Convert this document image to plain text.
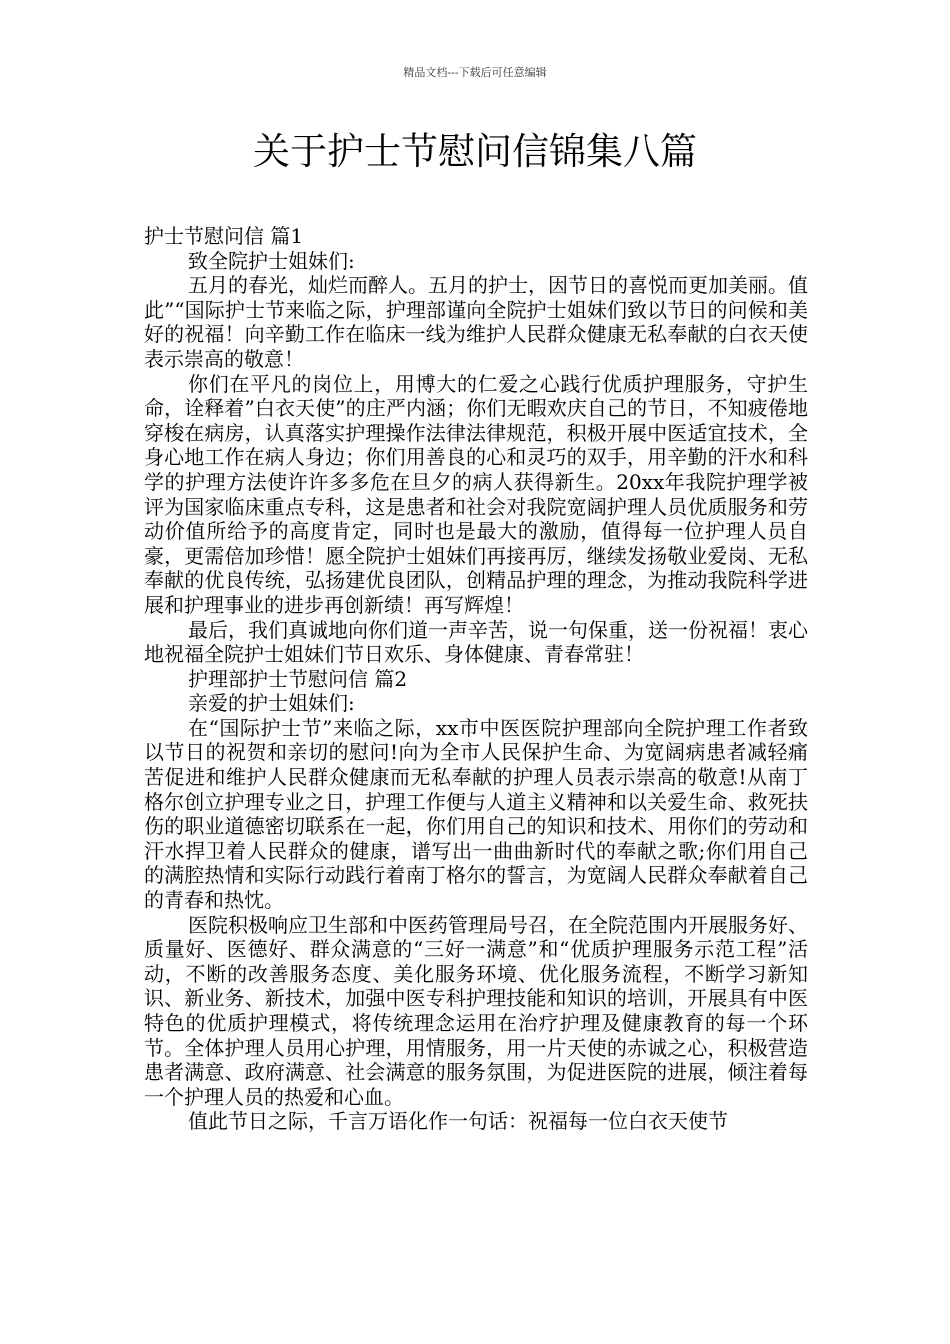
精品文档---下载后可任意编辑
关于护士节慰问信锦集八篇

护士节慰问信 篇1

致全院护士姐妹们:

五月的春光，灿烂而醉人。五月的护士，因节日的喜悦而更加美丽。值此”“国际护士节来临之际，护理部谨向全院护士姐妹们致以节日的问候和美好的祝福！向辛勤工作在临床一线为维护人民群众健康无私奉献的白衣天使表示崇高的敬意！

你们在平凡的岗位上，用博大的仁爱之心践行优质护理服务，守护生命，诠释着”白衣天使”的庄严内涵；你们无暇欢庆自己的节日，不知疲倦地穿梭在病房，认真落实护理操作法律法律规范，积极开展中医适宜技术，全身心地工作在病人身边；你们用善良的心和灵巧的双手，用辛勤的汗水和科学的护理方法使许许多多危在旦夕的病人获得新生。20xx年我院护理学被评为国家临床重点专科，这是患者和社会对我院宽阔护理人员优质服务和劳动价值所给予的高度肯定，同时也是最大的激励，值得每一位护理人员自豪，更需倍加珍惜！愿全院护士姐妹们再接再厉，继续发扬敬业爱岗、无私奉献的优良传统，弘扬建优良团队，创精品护理的理念，为推动我院科学进展和护理事业的进步再创新绩！再写辉煌！

最后，我们真诚地向你们道一声辛苦，说一句保重，送一份祝福！衷心地祝福全院护士姐妹们节日欢乐、身体健康、青春常驻！

护理部护士节慰问信 篇2

亲爱的护士姐妹们:

在“国际护士节”来临之际，xx市中医医院护理部向全院护理工作者致以节日的祝贺和亲切的慰问!向为全市人民保护生命、为宽阔病患者减轻痛苦促进和维护人民群众健康而无私奉献的护理人员表示崇高的敬意!从南丁格尔创立护理专业之日，护理工作便与人道主义精神和以关爱生命、救死扶伤的职业道德密切联系在一起，你们用自己的知识和技术、用你们的劳动和汗水捍卫着人民群众的健康，谱写出一曲曲新时代的奉献之歌;你们用自己的满腔热情和实际行动践行着南丁格尔的誓言，为宽阔人民群众奉献着自己的青春和热忱。

医院积极响应卫生部和中医药管理局号召，在全院范围内开展服务好、质量好、医德好、群众满意的“三好一满意”和“优质护理服务示范工程”活动，不断的改善服务态度、美化服务环境、优化服务流程，不断学习新知识、新业务、新技术，加强中医专科护理技能和知识的培训，开展具有中医特色的优质护理模式，将传统理念运用在治疗护理及健康教育的每一个环节。全体护理人员用心护理，用情服务，用一片天使的赤诚之心，积极营造患者满意、政府满意、社会满意的服务氛围，为促进医院的进展，倾注着每一个护理人员的热爱和心血。

值此节日之际，千言万语化作一句话：祝福每一位白衣天使节
